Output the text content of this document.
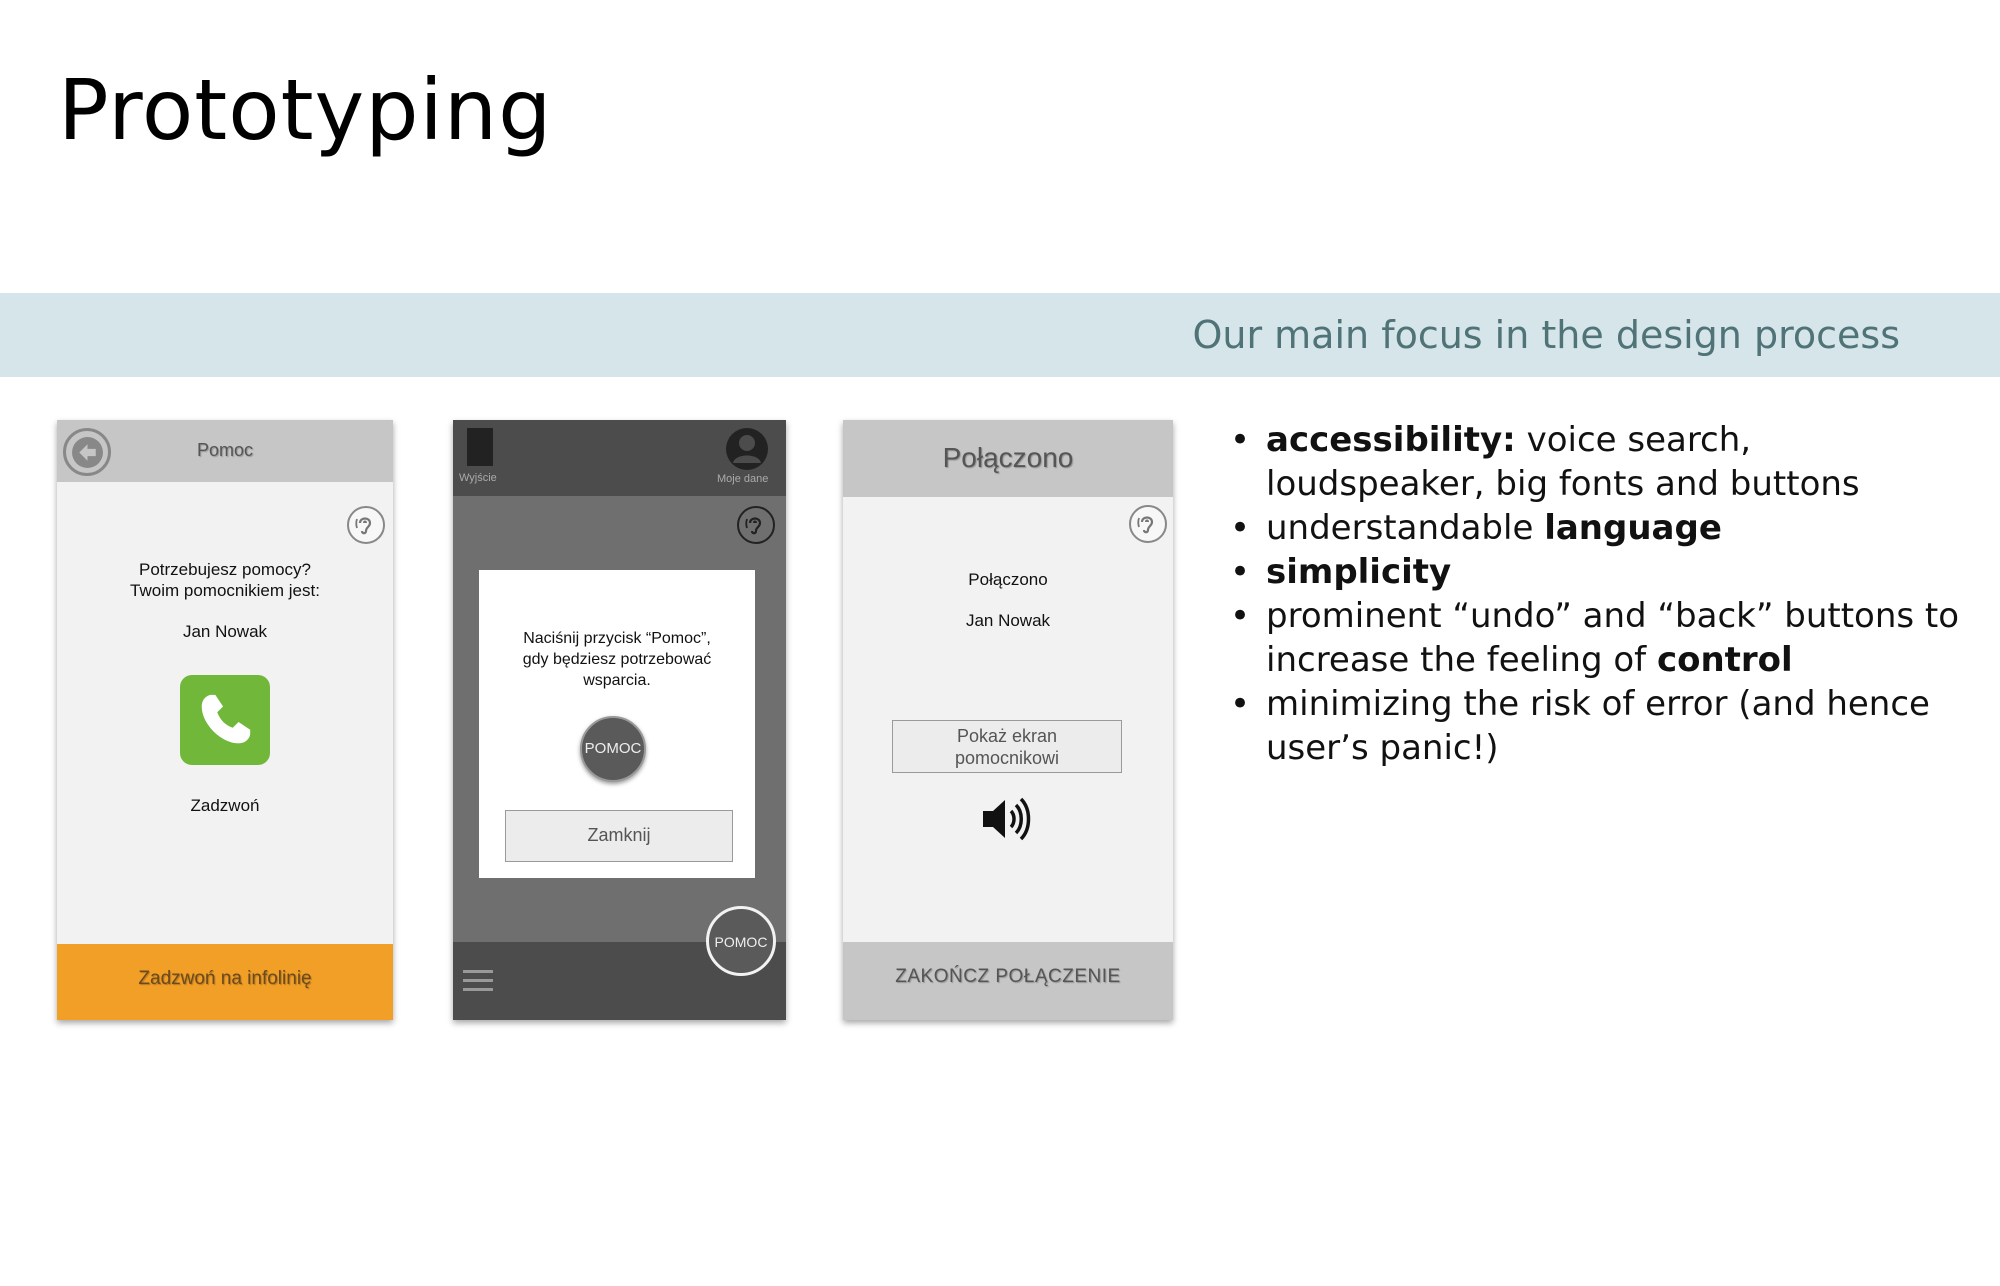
Prototyping
Our main focus in the design process
Pomoc
Potrzebujesz pomocy?
Twoim pomocnikiem jest:
Jan Nowak
Zadzwoń
Zadzwoń na infolinię
Wyjście	Moje dane
Naciśnij przycisk “Pomoc”,
gdy będziesz potrzebować
wsparcia.
POMOC
Zamknij
POMOC
Połączono
Połączono
Jan Nowak
Pokaż ekran
pomocnikowi
ZAKOŃCZ POŁĄCZENIE
• accessibility: voice search, loudspeaker, big fonts and buttons
• understandable language
• simplicity
• prominent “undo” and “back” buttons to increase the feeling of control
• minimizing the risk of error (and hence user’s panic!)
